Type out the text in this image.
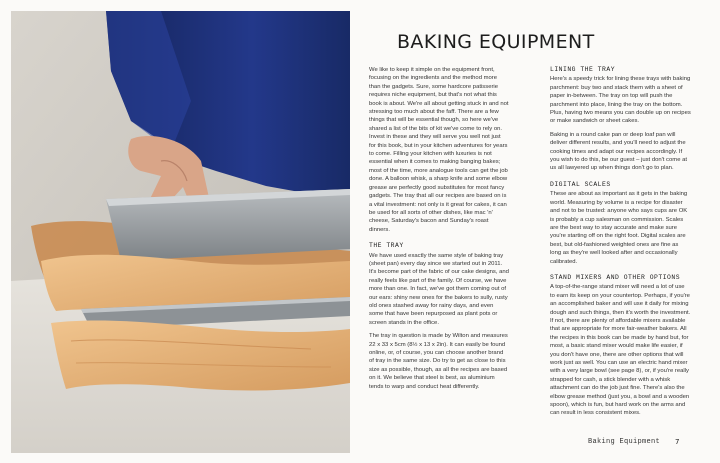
BAKING EQUIPMENT

We like to keep it simple on the equipment front, focusing on the ingredients and the method more than the gadgets. Sure, some hardcore patisserie requires niche equipment, but that's not what this book is about. We're all about getting stuck in and not stressing too much about the faff. There are a few things that will be essential though, so here we've shared a list of the bits of kit we've come to rely on. Invest in these and they will serve you well not just for this book, but in your kitchen adventures for years to come. Filling your kitchen with luxuries is not essential when it comes to making banging bakes; most of the time, more analogue tools can get the job done. A balloon whisk, a sharp knife and some elbow grease are perfectly good substitutes for most fancy gadgets. The tray that all our recipes are based on is a vital investment: not only is it great for cakes, it can be used for all sorts of other dishes, like mac 'n' cheese, Saturday's bacon and Sunday's roast dinners.

THE TRAY

We have used exactly the same style of baking tray (sheet pan) every day since we started out in 2011. It's become part of the fabric of our cake designs, and really feels like part of the family. Of course, we have more than one. In fact, we've got them coming out of our ears: shiny new ones for the bakers to sully, rusty old ones stashed away for rainy days, and even some that have been repurposed as plant pots or screen stands in the office.

The tray in question is made by Wilton and measures 22 x 33 x 5cm (8½ x 13 x 2in). It can easily be found online, or, of course, you can choose another brand of tray in the same size. Do try to get as close to this size as possible, though, as all the recipes are based on it. We believe that steel is best, as aluminium tends to warp and conduct heat differently.

LINING THE TRAY

Here's a speedy trick for lining these trays with baking parchment: buy two and stack them with a sheet of paper in-between. The tray on top will push the parchment into place, lining the tray on the bottom. Plus, having two means you can double up on recipes or make sandwich or sheet cakes.

Baking in a round cake pan or deep loaf pan will deliver different results, and you'll need to adjust the cooking times and adapt our recipes accordingly. If you wish to do this, be our guest – just don't come at us all lawyered up when things don't go to plan.

DIGITAL SCALES

These are about as important as it gets in the baking world. Measuring by volume is a recipe for disaster and not to be trusted: anyone who says cups are OK is probably a cup salesman on commission. Scales are the best way to stay accurate and make sure you're starting off on the right foot. Digital scales are best, but old-fashioned weighted ones are fine as long as they're well looked after and occasionally calibrated.

STAND MIXERS AND OTHER OPTIONS

A top-of-the-range stand mixer will need a lot of use to earn its keep on your countertop. Perhaps, if you're an accomplished baker and will use it daily for mixing dough and such things, then it's worth the investment. If not, there are plenty of affordable mixers available that are appropriate for more fair-weather bakers. All the recipes in this book can be made by hand but, for most, a basic stand mixer would make life easier, if you don't have one, there are other options that will work just as well. You can use an electric hand mixer with a very large bowl (see page 8), or, if you're really strapped for cash, a stick blender with a whisk attachment can do the job just fine. There's also the elbow grease method (just you, a bowl and a wooden spoon), which is fun, but hard work on the arms and can result in less consistent mixes.

Baking Equipment 7
